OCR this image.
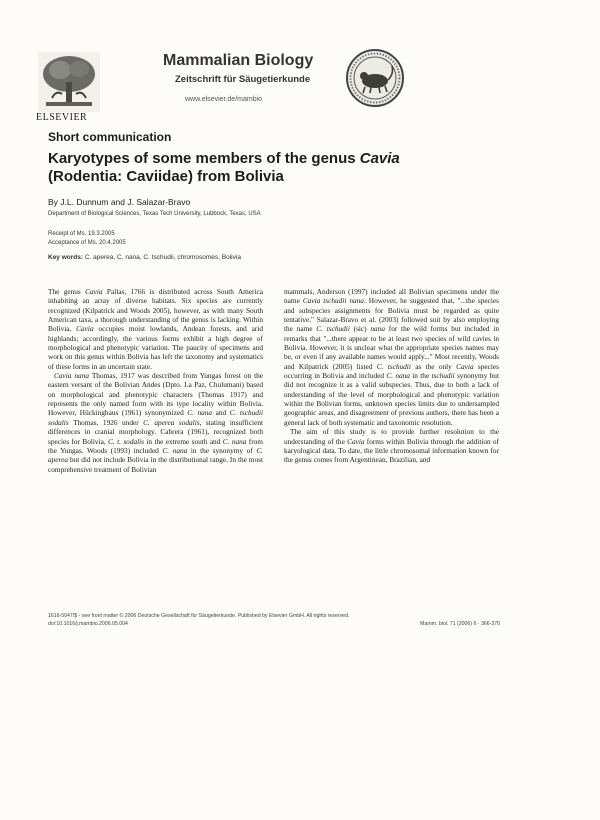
ELSEVIER
Mammalian Biology
Zeitschrift für Säugetierkunde
www.elsevier.de/mambio
Short communication
Karyotypes of some members of the genus Cavia
(Rodentia: Caviidae) from Bolivia
By J.L. Dunnum and J. Salazar-Bravo
Department of Biological Sciences, Texas Tech University, Lubbock, Texas, USA
Receipt of Ms. 19.3.2005
Acceptance of Ms. 20.4.2005
Key words: C. aperea, C. nana, C. tschudii, chromosomes, Bolivia

The genus Cavia Pallas, 1766 is distributed across South America inhabiting an array of diverse habitats. Six species are currently recognized (Kilpatrick and Woods 2005), however, as with many South American taxa, a thorough understanding of the genus is lacking. Within Bolivia, Cavia occupies moist lowlands, Andean forests, and arid highlands; accordingly, the various forms exhibit a high degree of morphological and phenotypic variation. The paucity of specimens and work on this genus within Bolivia has left the taxonomy and systematics of these forms in an uncertain state.

Cavia nana Thomas, 1917 was described from Yungas forest on the eastern versant of the Bolivian Andes (Dpto. La Paz, Chulumani) based on morphological and phenotypic characters (Thomas 1917) and represents the only named form with its type locality within Bolivia. However, Hückinghaus (1961) synonymized C. nana and C. tschudii sodalis Thomas, 1926 under C. aperea sodalis, stating insufficient differences in cranial morphology. Cabrera (1961), recognized both species for Bolivia, C. t. sodalis in the extreme south and C. nana from the Yungas. Woods (1993) included C. nana in the synonymy of C. aperea but did not include Bolivia in the distributional range. In the most comprehensive treatment of Bolivian

mammals, Anderson (1997) included all Bolivian specimens under the name Cavia tschudii nana. However, he suggested that, "...the species and subspecies assignments for Bolivia must be regarded as quite tentative." Salazar-Bravo et al. (2003) followed suit by also employing the name C. tschudii (sic) nana for the wild forms but included in remarks that "...there appear to be at least two species of wild cavies in Bolivia. However, it is unclear what the appropriate species names may be, or even if any available names would apply..." Most recently, Woods and Kilpatrick (2005) listed C. tschudii as the only Cavia species occurring in Bolivia and included C. nana in the tschudii synonymy but did not recognize it as a valid subspecies. Thus, due to both a lack of understanding of the level of morphological and phenotypic variation within the Bolivian forms, unknown species limits due to undersampled geographic areas, and disagreement of previous authors, there has been a general lack of both systematic and taxonomic resolution.

The aim of this study is to provide further resolution to the understanding of the Cavia forms within Bolivia through the addition of karyological data. To date, the little chromosomal information known for the genus comes from Argentinean, Brazilian, and

1616-5047/$ - see front matter © 2006 Deutsche Gesellschaft für Säugetierkunde. Published by Elsevier GmbH. All rights reserved.
doi:10.1016/j.mambio.2006.05.004	Mamm. biol. 71 (2006) 6 · 366-370
